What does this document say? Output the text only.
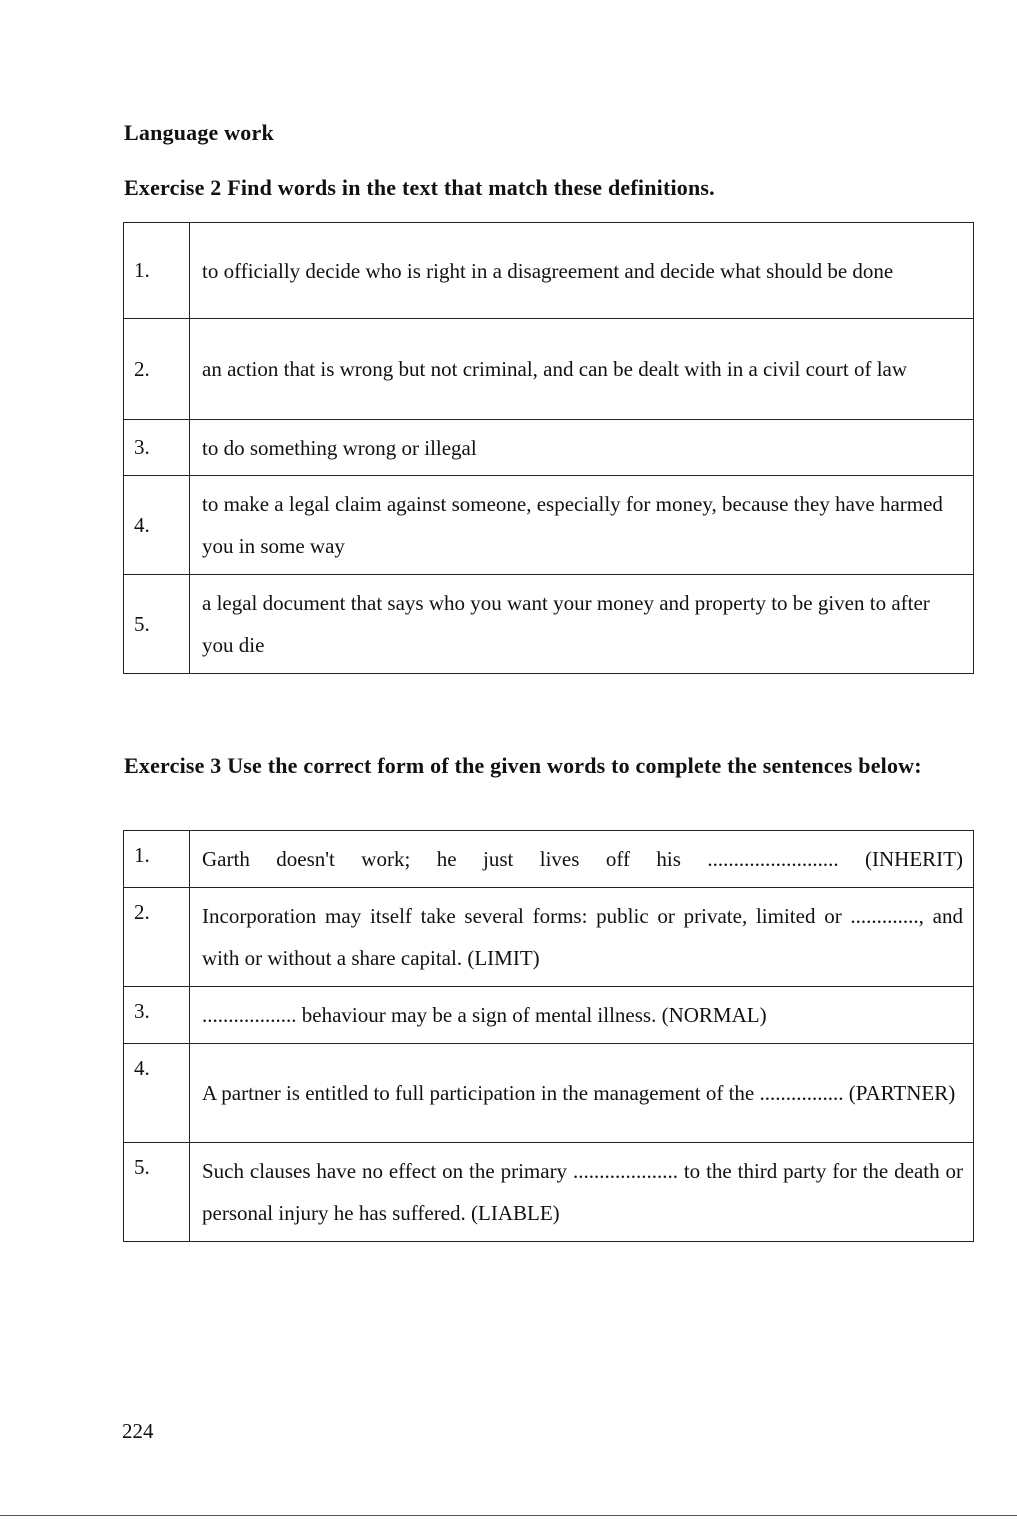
Language work
Exercise 2 Find words in the text that match these definitions.
1.	to officially decide who is right in a disagreement and decide what should be done
2.	an action that is wrong but not criminal, and can be dealt with in a civil court of law
3.	to do something wrong or illegal
4.	to make a legal claim against someone, especially for money, because they have harmed you in some way
5.	a legal document that says who you want your money and property to be given to after you die
Exercise 3 Use the correct form of the given words to complete the sentences below:
1.	Garth doesn't work; he just lives off his ......................... (INHERIT)
2.	Incorporation may itself take several forms: public or private, limited or ............., and with or without a share capital. (LIMIT)
3.	.................. behaviour may be a sign of mental illness. (NORMAL)
4.	A partner is entitled to full participation in the management of the ................ (PARTNER)
5.	Such clauses have no effect on the primary .................... to the third party for the death or personal injury he has suffered. (LIABLE)
224
